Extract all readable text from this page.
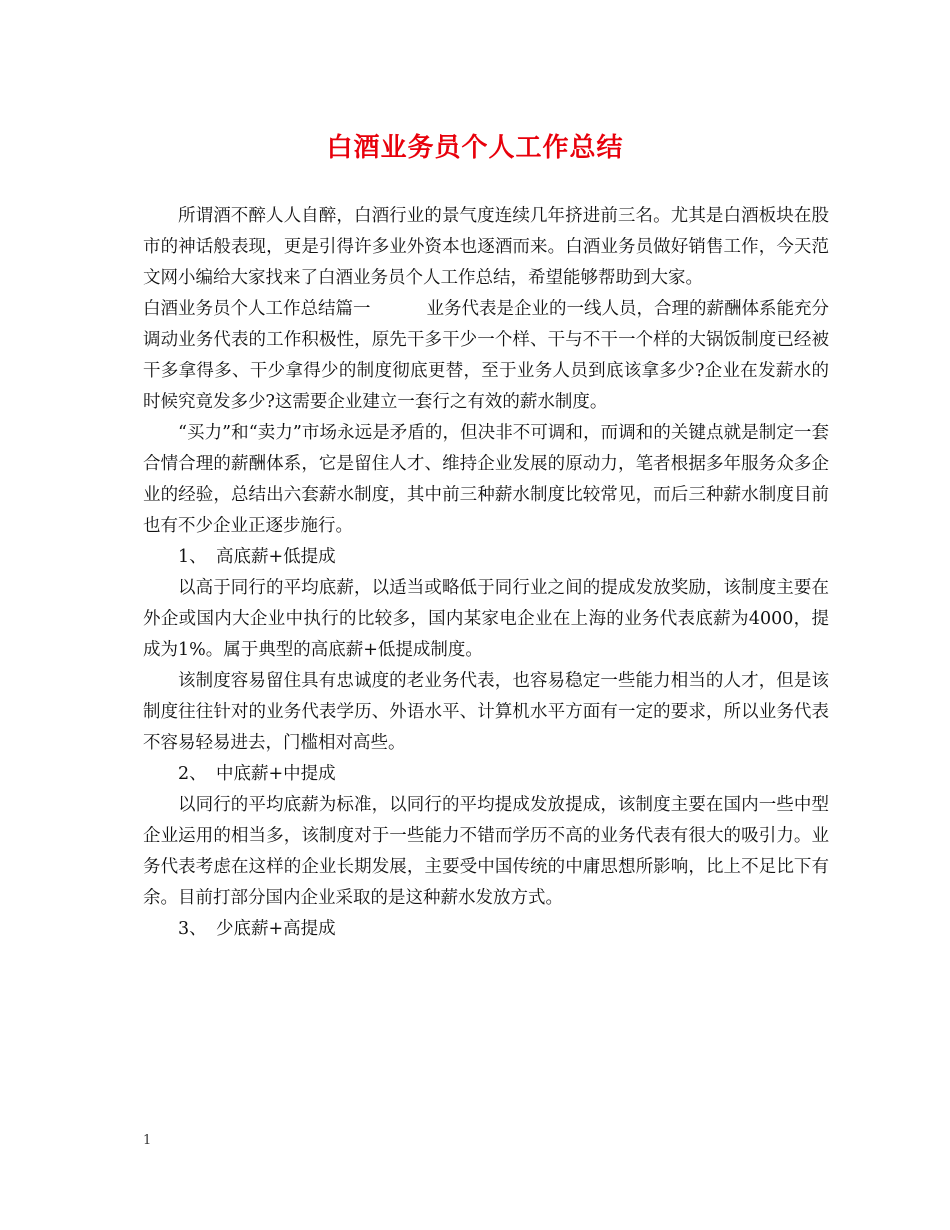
白酒业务员个人工作总结

所谓酒不醉人人自醉，白酒行业的景气度连续几年挤进前三名。尤其是白酒板块在股市的神话般表现，更是引得许多业外资本也逐酒而来。白酒业务员做好销售工作，今天范文网小编给大家找来了白酒业务员个人工作总结，希望能够帮助到大家。

白酒业务员个人工作总结篇一	业务代表是企业的一线人员，合理的薪酬体系能充分调动业务代表的工作积极性，原先干多干少一个样、干与不干一个样的大锅饭制度已经被干多拿得多、干少拿得少的制度彻底更替，至于业务人员到底该拿多少?企业在发薪水的时候究竟发多少?这需要企业建立一套行之有效的薪水制度。

“买力”和“卖力”市场永远是矛盾的，但决非不可调和，而调和的关键点就是制定一套合情合理的薪酬体系，它是留住人才、维持企业发展的原动力，笔者根据多年服务众多企业的经验，总结出六套薪水制度，其中前三种薪水制度比较常见，而后三种薪水制度目前也有不少企业正逐步施行。

1、 高底薪+低提成

以高于同行的平均底薪，以适当或略低于同行业之间的提成发放奖励，该制度主要在外企或国内大企业中执行的比较多，国内某家电企业在上海的业务代表底薪为4000，提成为1%。属于典型的高底薪+低提成制度。

该制度容易留住具有忠诚度的老业务代表，也容易稳定一些能力相当的人才，但是该制度往往针对的业务代表学历、外语水平、计算机水平方面有一定的要求，所以业务代表不容易轻易进去，门槛相对高些。

2、 中底薪+中提成

以同行的平均底薪为标准，以同行的平均提成发放提成，该制度主要在国内一些中型企业运用的相当多，该制度对于一些能力不错而学历不高的业务代表有很大的吸引力。业务代表考虑在这样的企业长期发展，主要受中国传统的中庸思想所影响，比上不足比下有余。目前打部分国内企业采取的是这种薪水发放方式。

3、 少底薪+高提成

1
